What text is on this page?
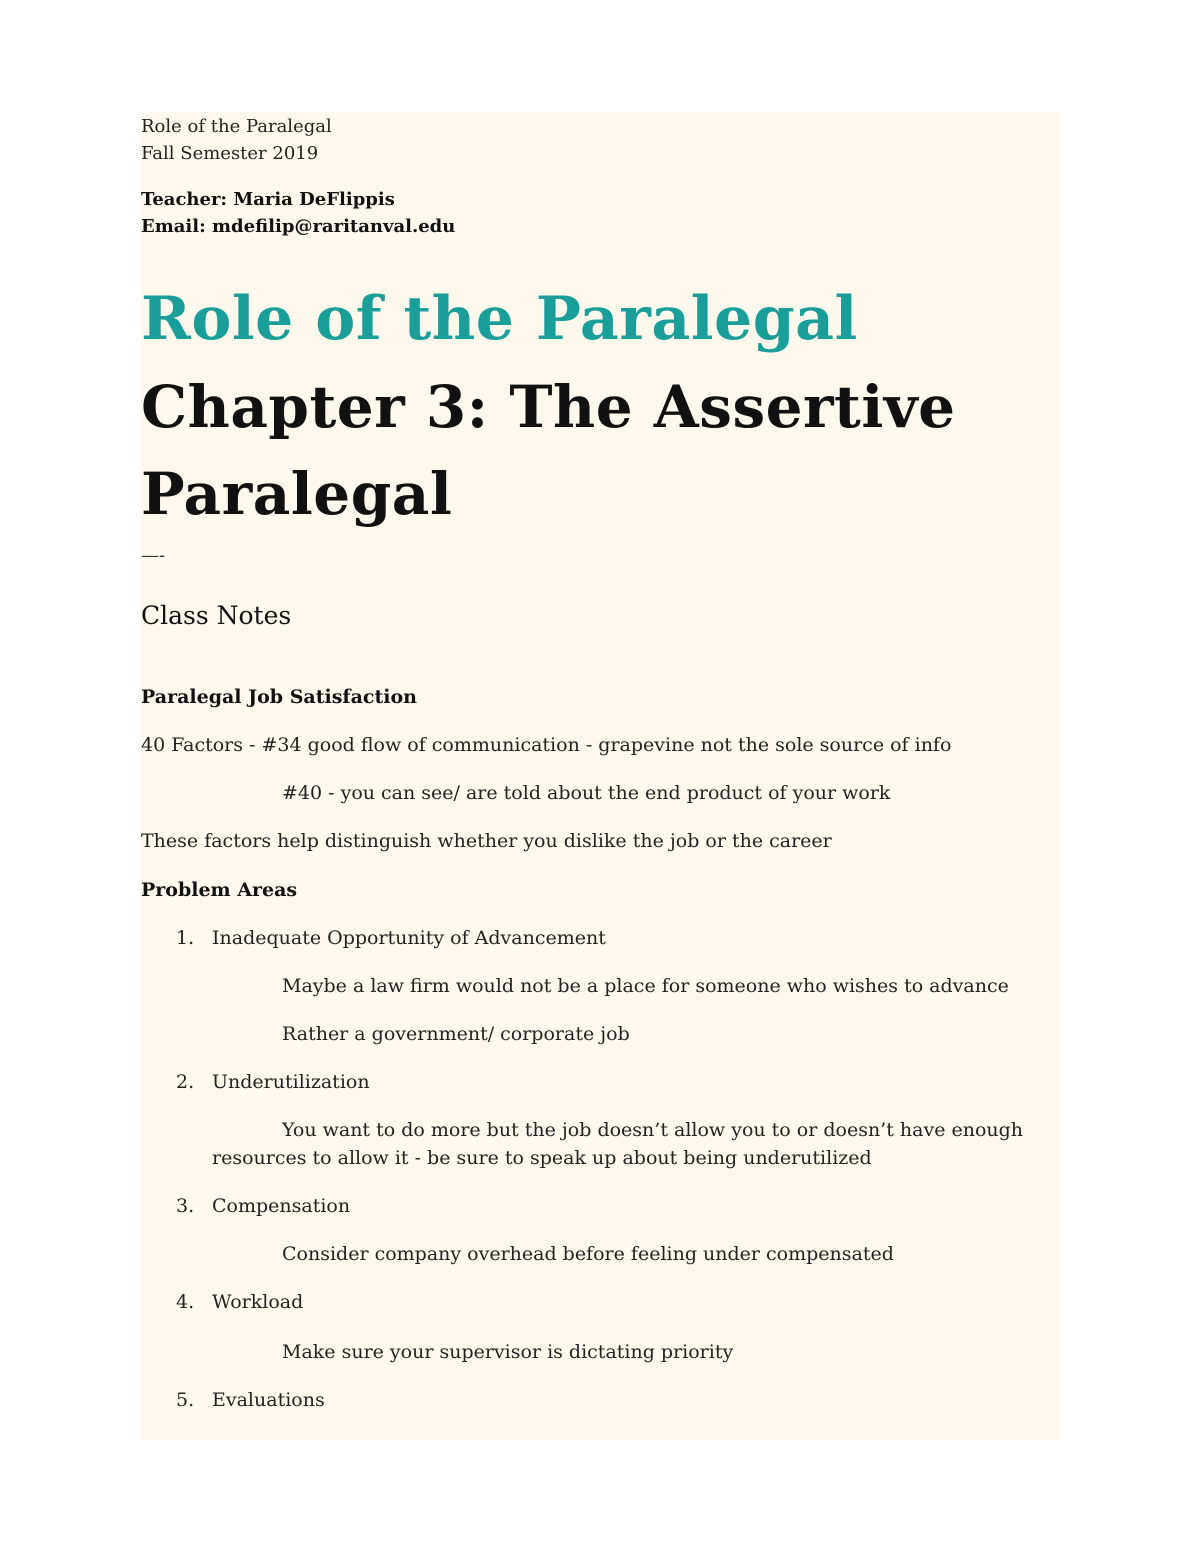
Role of the Paralegal
Fall Semester 2019
Teacher: Maria DeFlippis
Email: mdefilip@raritanval.edu
Role of the Paralegal
Chapter 3: The Assertive
Paralegal
—-
Class Notes
Paralegal Job Satisfaction
40 Factors - #34 good flow of communication - grapevine not the sole source of info
#40 - you can see/ are told about the end product of your work
These factors help distinguish whether you dislike the job or the career
Problem Areas
1. Inadequate Opportunity of Advancement
Maybe a law firm would not be a place for someone who wishes to advance
Rather a government/ corporate job
2. Underutilization
You want to do more but the job doesn’t allow you to or doesn’t have enough
resources to allow it - be sure to speak up about being underutilized
3. Compensation
Consider company overhead before feeling under compensated
4. Workload
Make sure your supervisor is dictating priority
5. Evaluations
